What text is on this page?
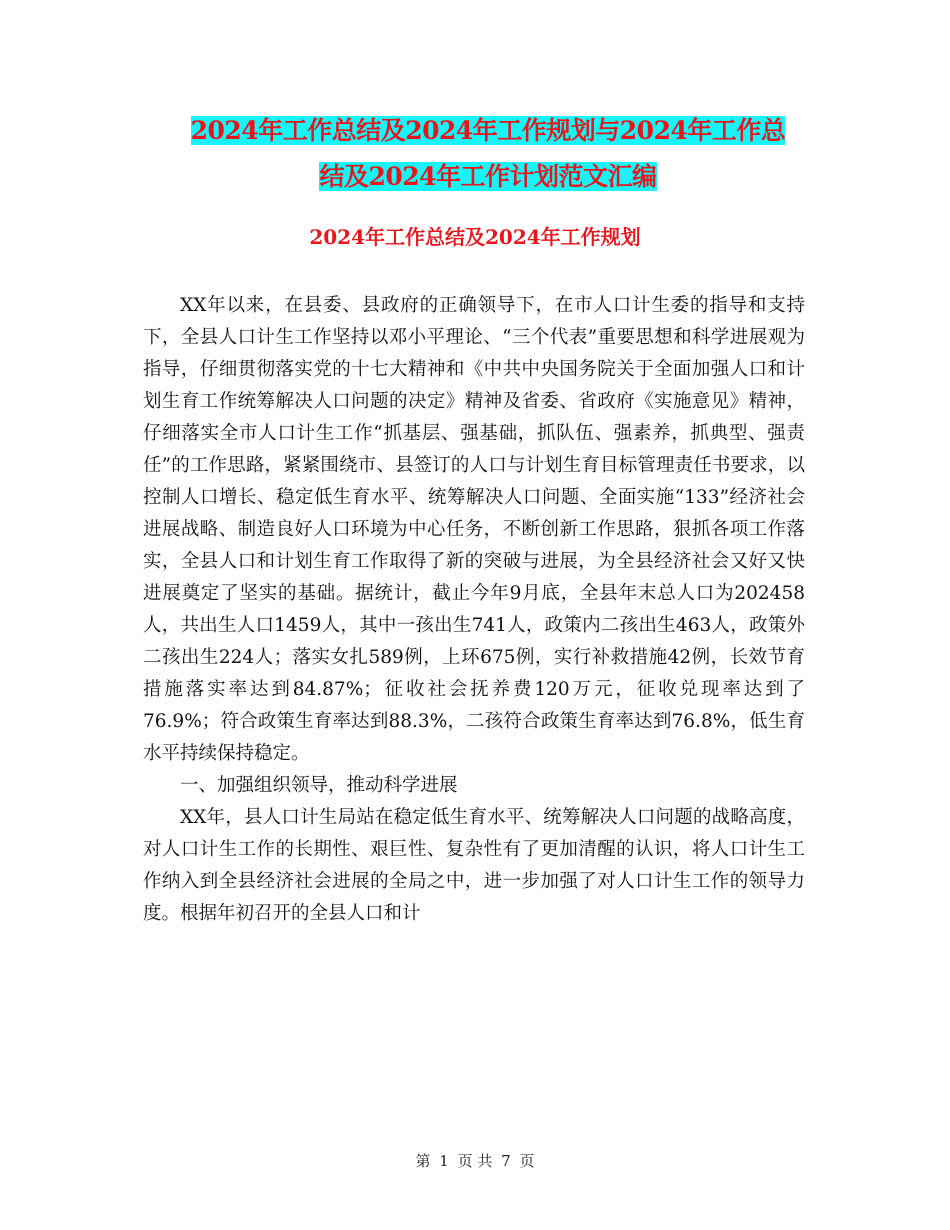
2024年工作总结及2024年工作规划与2024年工作总
结及2024年工作计划范文汇编
2024年工作总结及2024年工作规划

XX年以来，在县委、县政府的正确领导下，在市人口计生委的指导和支持下，全县人口计生工作坚持以邓小平理论、“三个代表”重要思想和科学进展观为指导，仔细贯彻落实党的十七大精神和《中共中央国务院关于全面加强人口和计划生育工作统筹解决人口问题的决定》精神及省委、省政府《实施意见》精神，仔细落实全市人口计生工作“抓基层、强基础，抓队伍、强素养，抓典型、强责任”的工作思路，紧紧围绕市、县签订的人口与计划生育目标管理责任书要求，以控制人口增长、稳定低生育水平、统筹解决人口问题、全面实施“133”经济社会进展战略、制造良好人口环境为中心任务，不断创新工作思路，狠抓各项工作落实，全县人口和计划生育工作取得了新的突破与进展，为全县经济社会又好又快进展奠定了坚实的基础。据统计，截止今年9月底，全县年末总人口为202458人，共出生人口1459人，其中一孩出生741人，政策内二孩出生463人，政策外二孩出生224人；落实女扎589例，上环675例，实行补救措施42例，长效节育措施落实率达到84.87%；征收社会抚养费120万元，征收兑现率达到了76.9%；符合政策生育率达到88.3%，二孩符合政策生育率达到76.8%，低生育水平持续保持稳定。

一、加强组织领导，推动科学进展

XX年，县人口计生局站在稳定低生育水平、统筹解决人口问题的战略高度，对人口计生工作的长期性、艰巨性、复杂性有了更加清醒的认识，将人口计生工作纳入到全县经济社会进展的全局之中，进一步加强了对人口计生工作的领导力度。根据年初召开的全县人口和计

第 1 页 共 7 页
